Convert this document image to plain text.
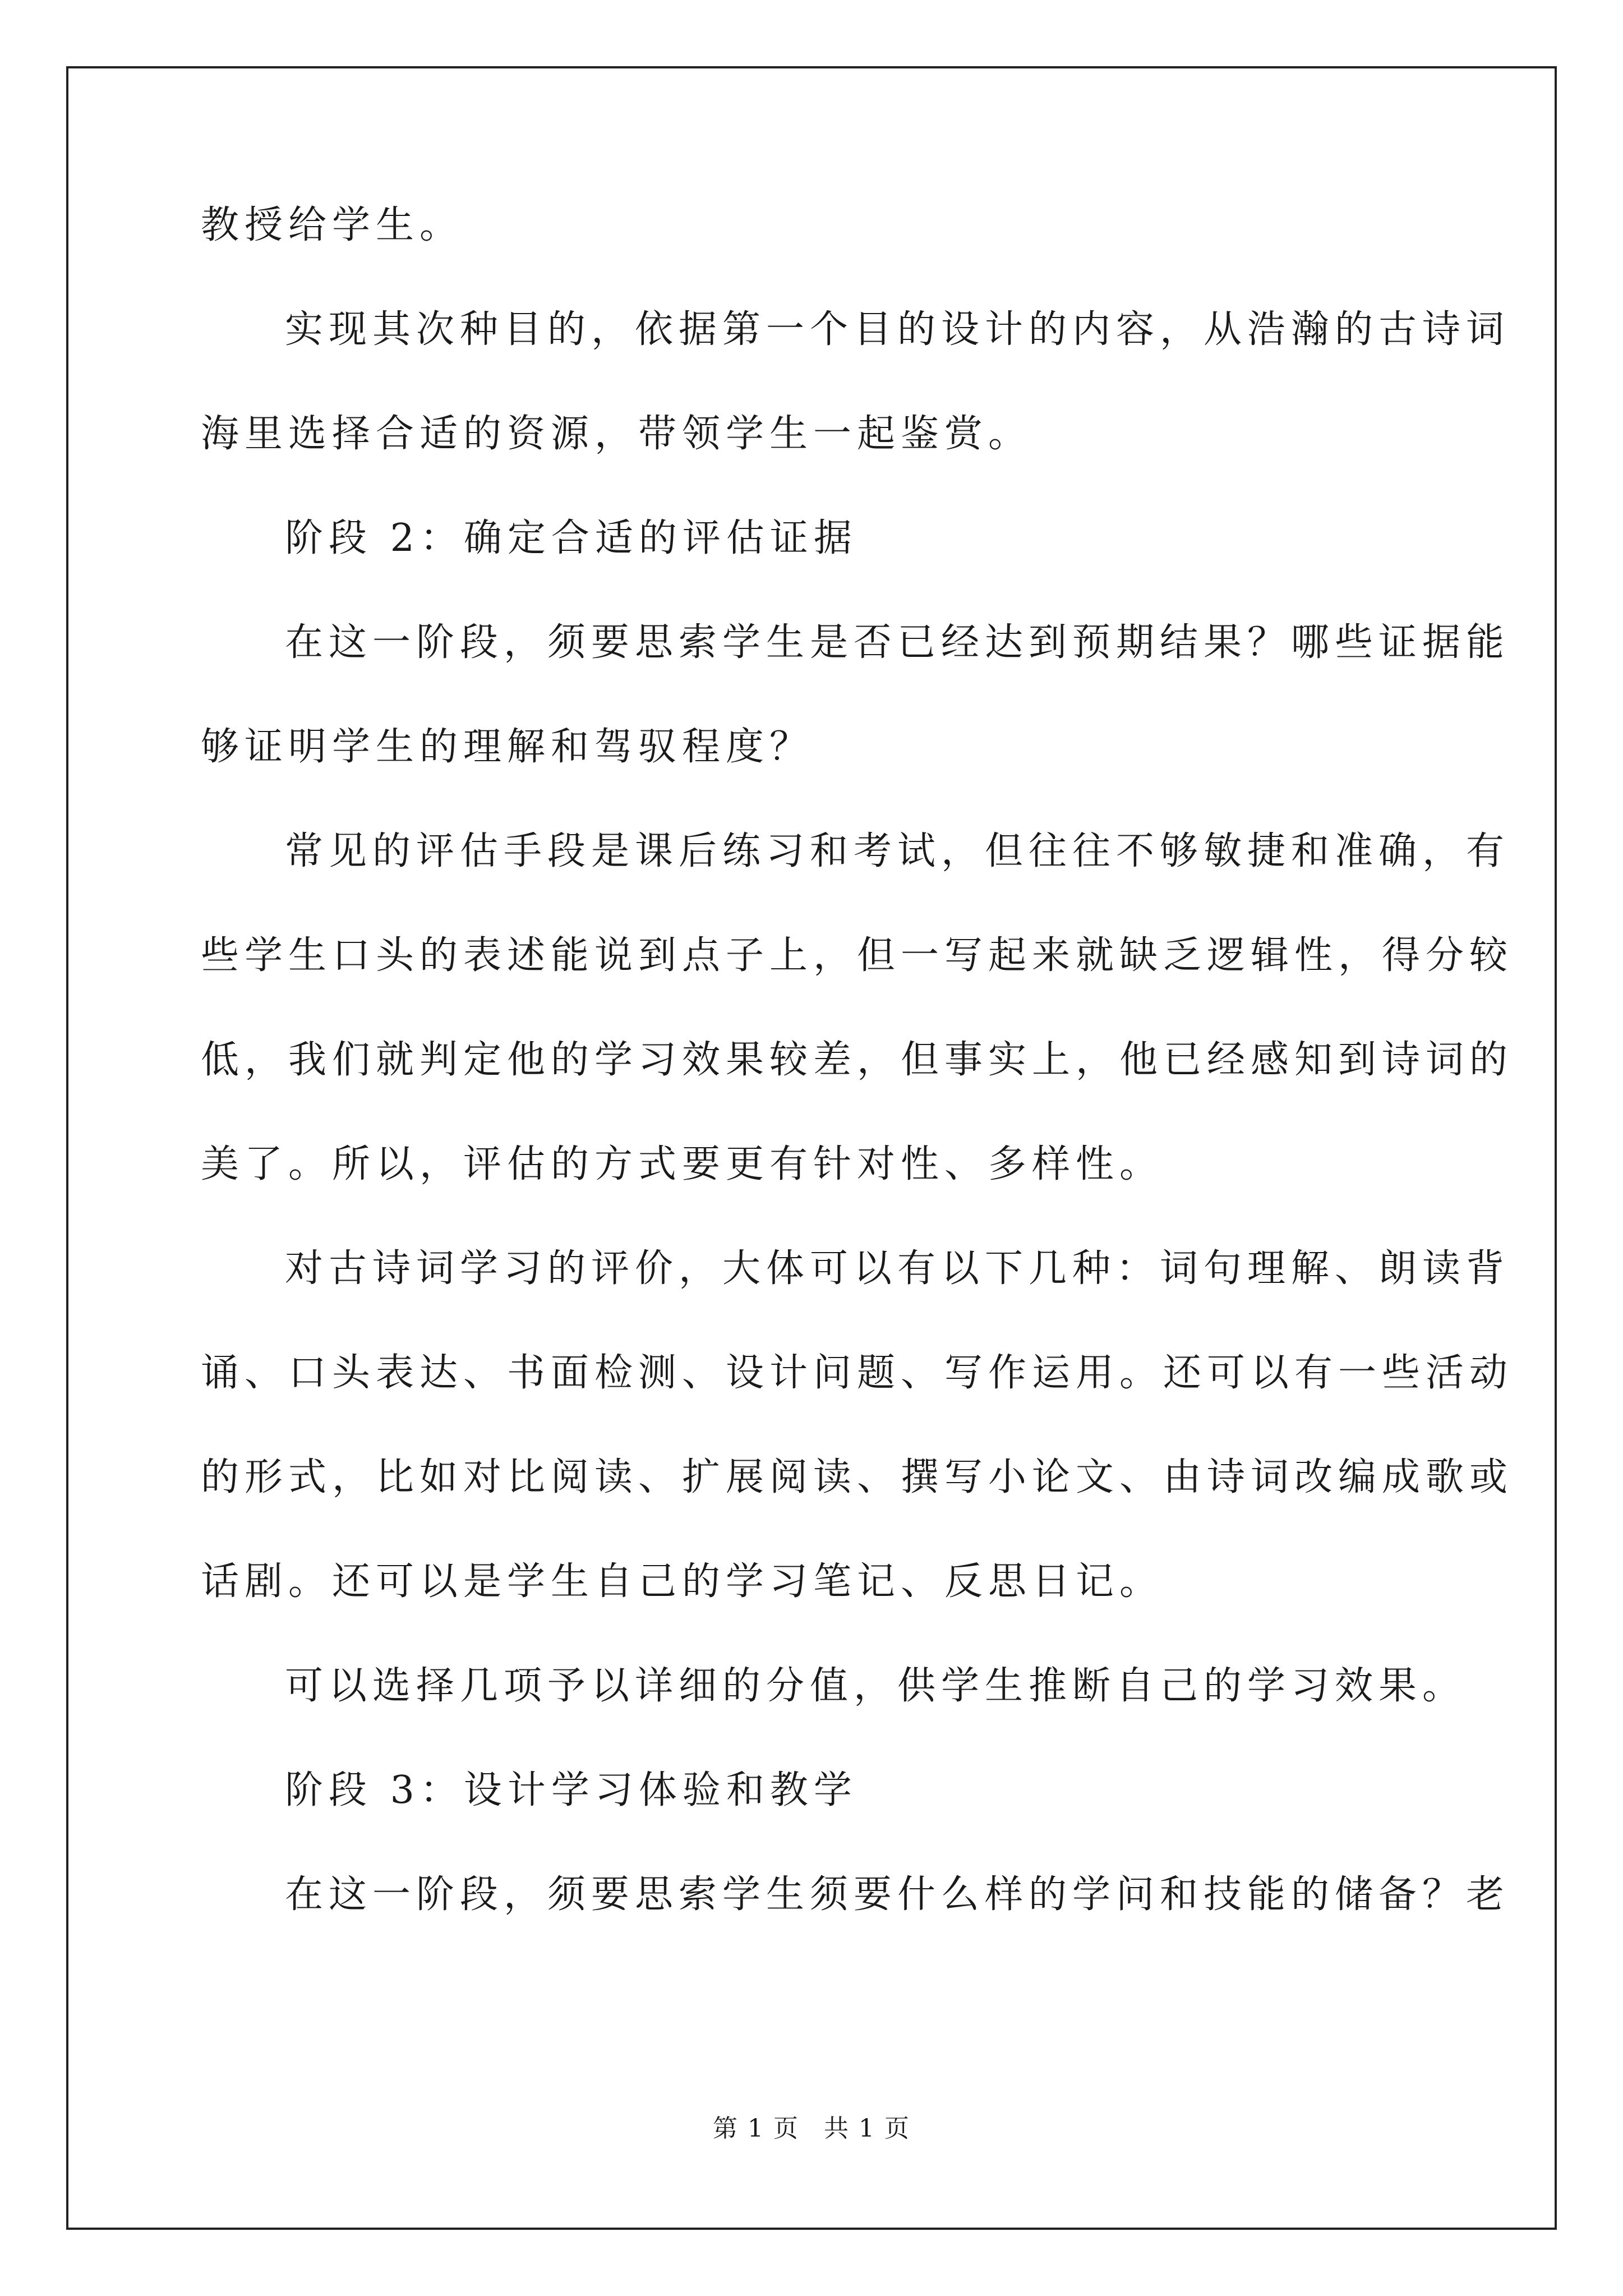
教授给学生。
实现其次种目的，依据第一个目的设计的内容，从浩瀚的古诗词
海里选择合适的资源，带领学生一起鉴赏。
阶段 2：确定合适的评估证据
在这一阶段，须要思索学生是否已经达到预期结果？哪些证据能
够证明学生的理解和驾驭程度？
常见的评估手段是课后练习和考试，但往往不够敏捷和准确，有
些学生口头的表述能说到点子上，但一写起来就缺乏逻辑性，得分较
低，我们就判定他的学习效果较差，但事实上，他已经感知到诗词的
美了。所以，评估的方式要更有针对性、多样性。
对古诗词学习的评价，大体可以有以下几种：词句理解、朗读背
诵、口头表达、书面检测、设计问题、写作运用。还可以有一些活动
的形式，比如对比阅读、扩展阅读、撰写小论文、由诗词改编成歌或
话剧。还可以是学生自己的学习笔记、反思日记。
可以选择几项予以详细的分值，供学生推断自己的学习效果。
阶段 3：设计学习体验和教学
在这一阶段，须要思索学生须要什么样的学问和技能的储备？老
第 1 页 共 1 页
